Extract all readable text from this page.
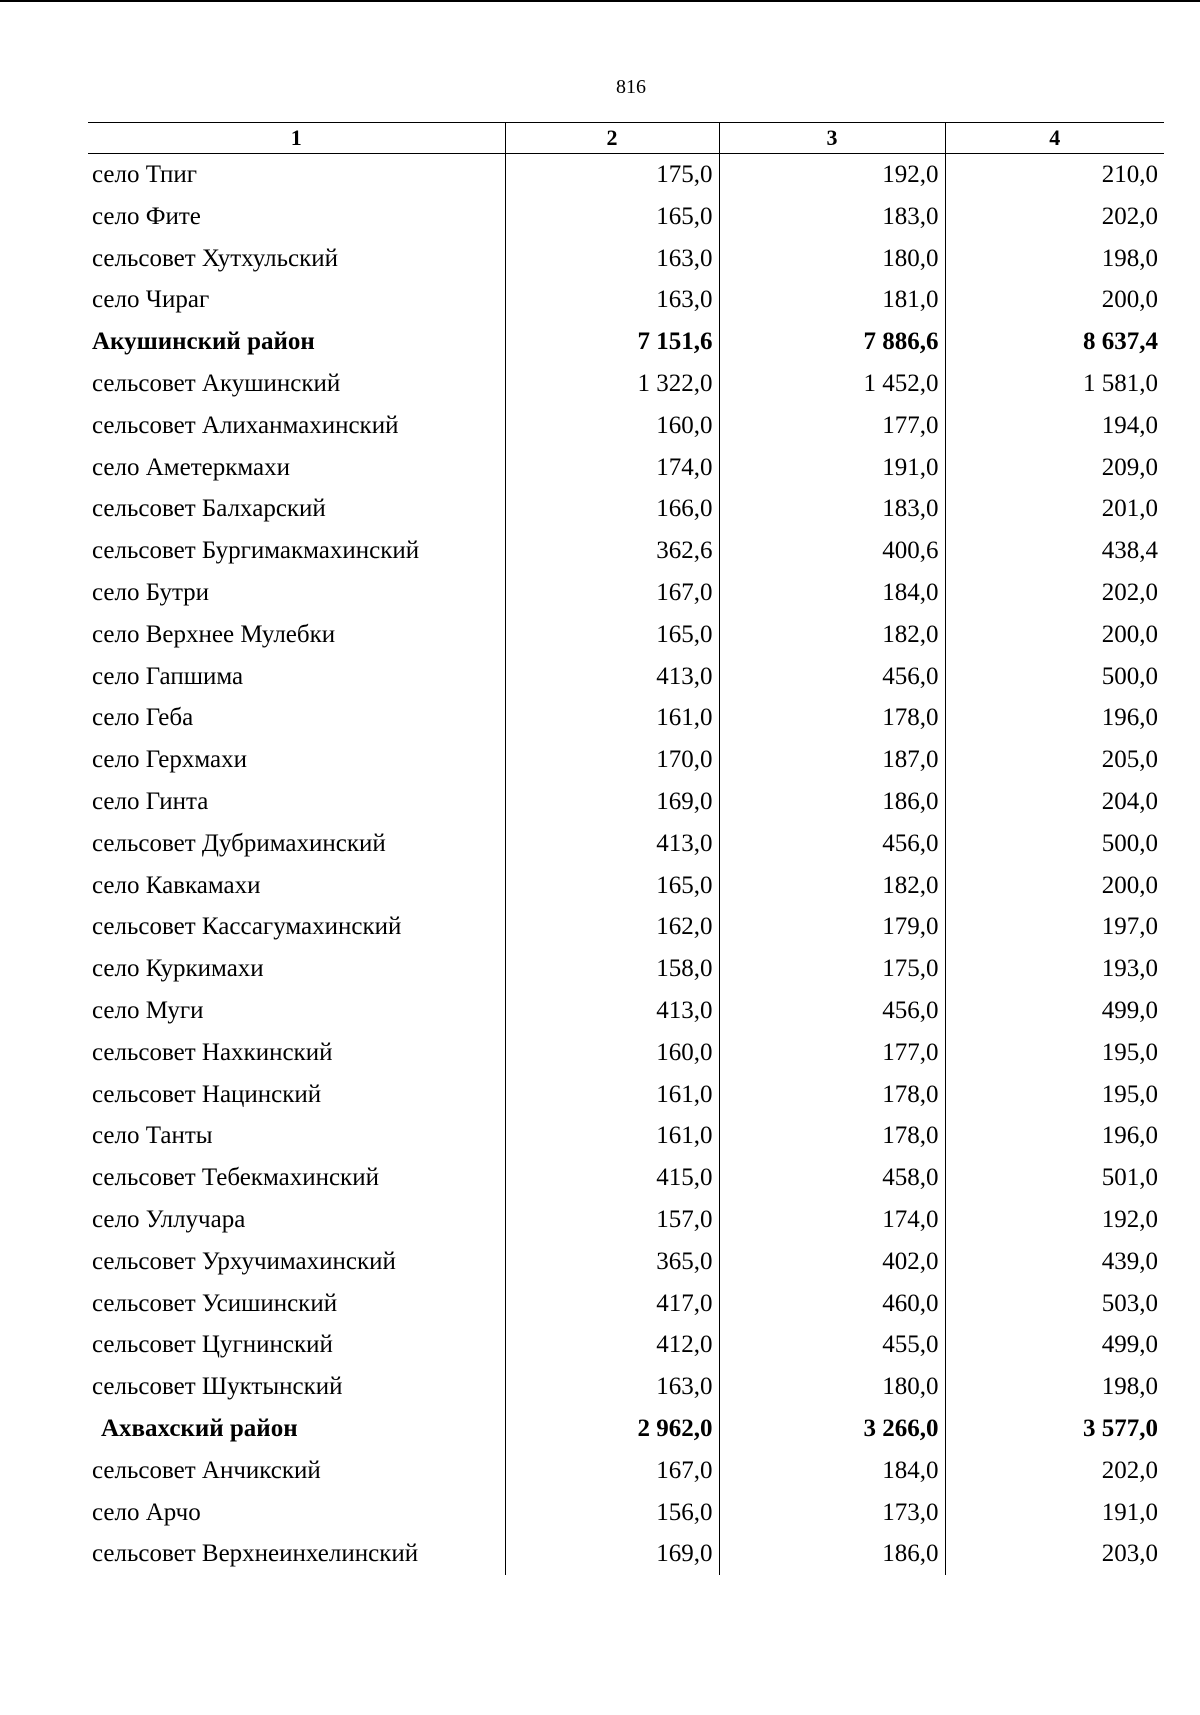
816
1	2	3	4
село Тпиг	175,0	192,0	210,0
село Фите	165,0	183,0	202,0
сельсовет Хутхульский	163,0	180,0	198,0
село Чираг	163,0	181,0	200,0
Акушинский район	7 151,6	7 886,6	8 637,4
сельсовет Акушинский	1 322,0	1 452,0	1 581,0
сельсовет Алиханмахинский	160,0	177,0	194,0
село Аметеркмахи	174,0	191,0	209,0
сельсовет Балхарский	166,0	183,0	201,0
сельсовет Бургимакмахинский	362,6	400,6	438,4
село Бутри	167,0	184,0	202,0
село Верхнее Мулебки	165,0	182,0	200,0
село Гапшима	413,0	456,0	500,0
село Геба	161,0	178,0	196,0
село Герхмахи	170,0	187,0	205,0
село Гинта	169,0	186,0	204,0
сельсовет Дубримахинский	413,0	456,0	500,0
село Кавкамахи	165,0	182,0	200,0
сельсовет Кассагумахинский	162,0	179,0	197,0
село Куркимахи	158,0	175,0	193,0
село Муги	413,0	456,0	499,0
сельсовет Нахкинский	160,0	177,0	195,0
сельсовет Нацинский	161,0	178,0	195,0
село Танты	161,0	178,0	196,0
сельсовет Тебекмахинский	415,0	458,0	501,0
село Уллучара	157,0	174,0	192,0
сельсовет Урхучимахинский	365,0	402,0	439,0
сельсовет Усишинский	417,0	460,0	503,0
сельсовет Цугнинский	412,0	455,0	499,0
сельсовет Шуктынский	163,0	180,0	198,0
Ахвахский район	2 962,0	3 266,0	3 577,0
сельсовет Анчикский	167,0	184,0	202,0
село Арчо	156,0	173,0	191,0
сельсовет Верхнеинхелинский	169,0	186,0	203,0
